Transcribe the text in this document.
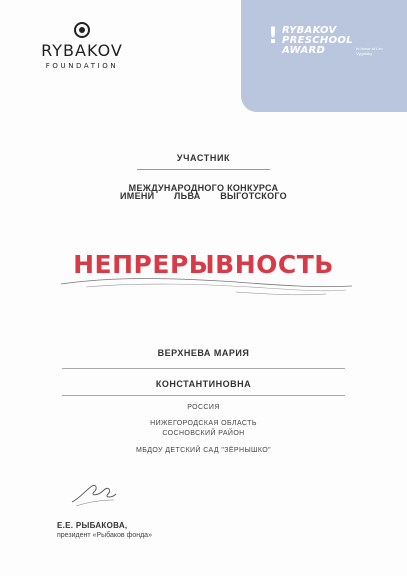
RYBAKOV
FOUNDATION
! RYBAKOV
PRESCHOOL
AWARD	In honor of Lev Vygotsky
УЧАСТНИК
МЕЖДУНАРОДНОГО КОНКУРСА
ИМЕНИ       ЛЬВА       ВЫГОТСКОГО
НЕПРЕРЫВНОСТЬ
ВЕРХНЕВА МАРИЯ
КОНСТАНТИНОВНА
РОССИЯ
НИЖЕГОРОДСКАЯ ОБЛАСТЬ
СОСНОВСКИЙ РАЙОН
МБДОУ ДЕТСКИЙ САД "ЗЁРНЫШКО"
Е.Е. РЫБАКОВА,
президент «Рыбаков фонда»
